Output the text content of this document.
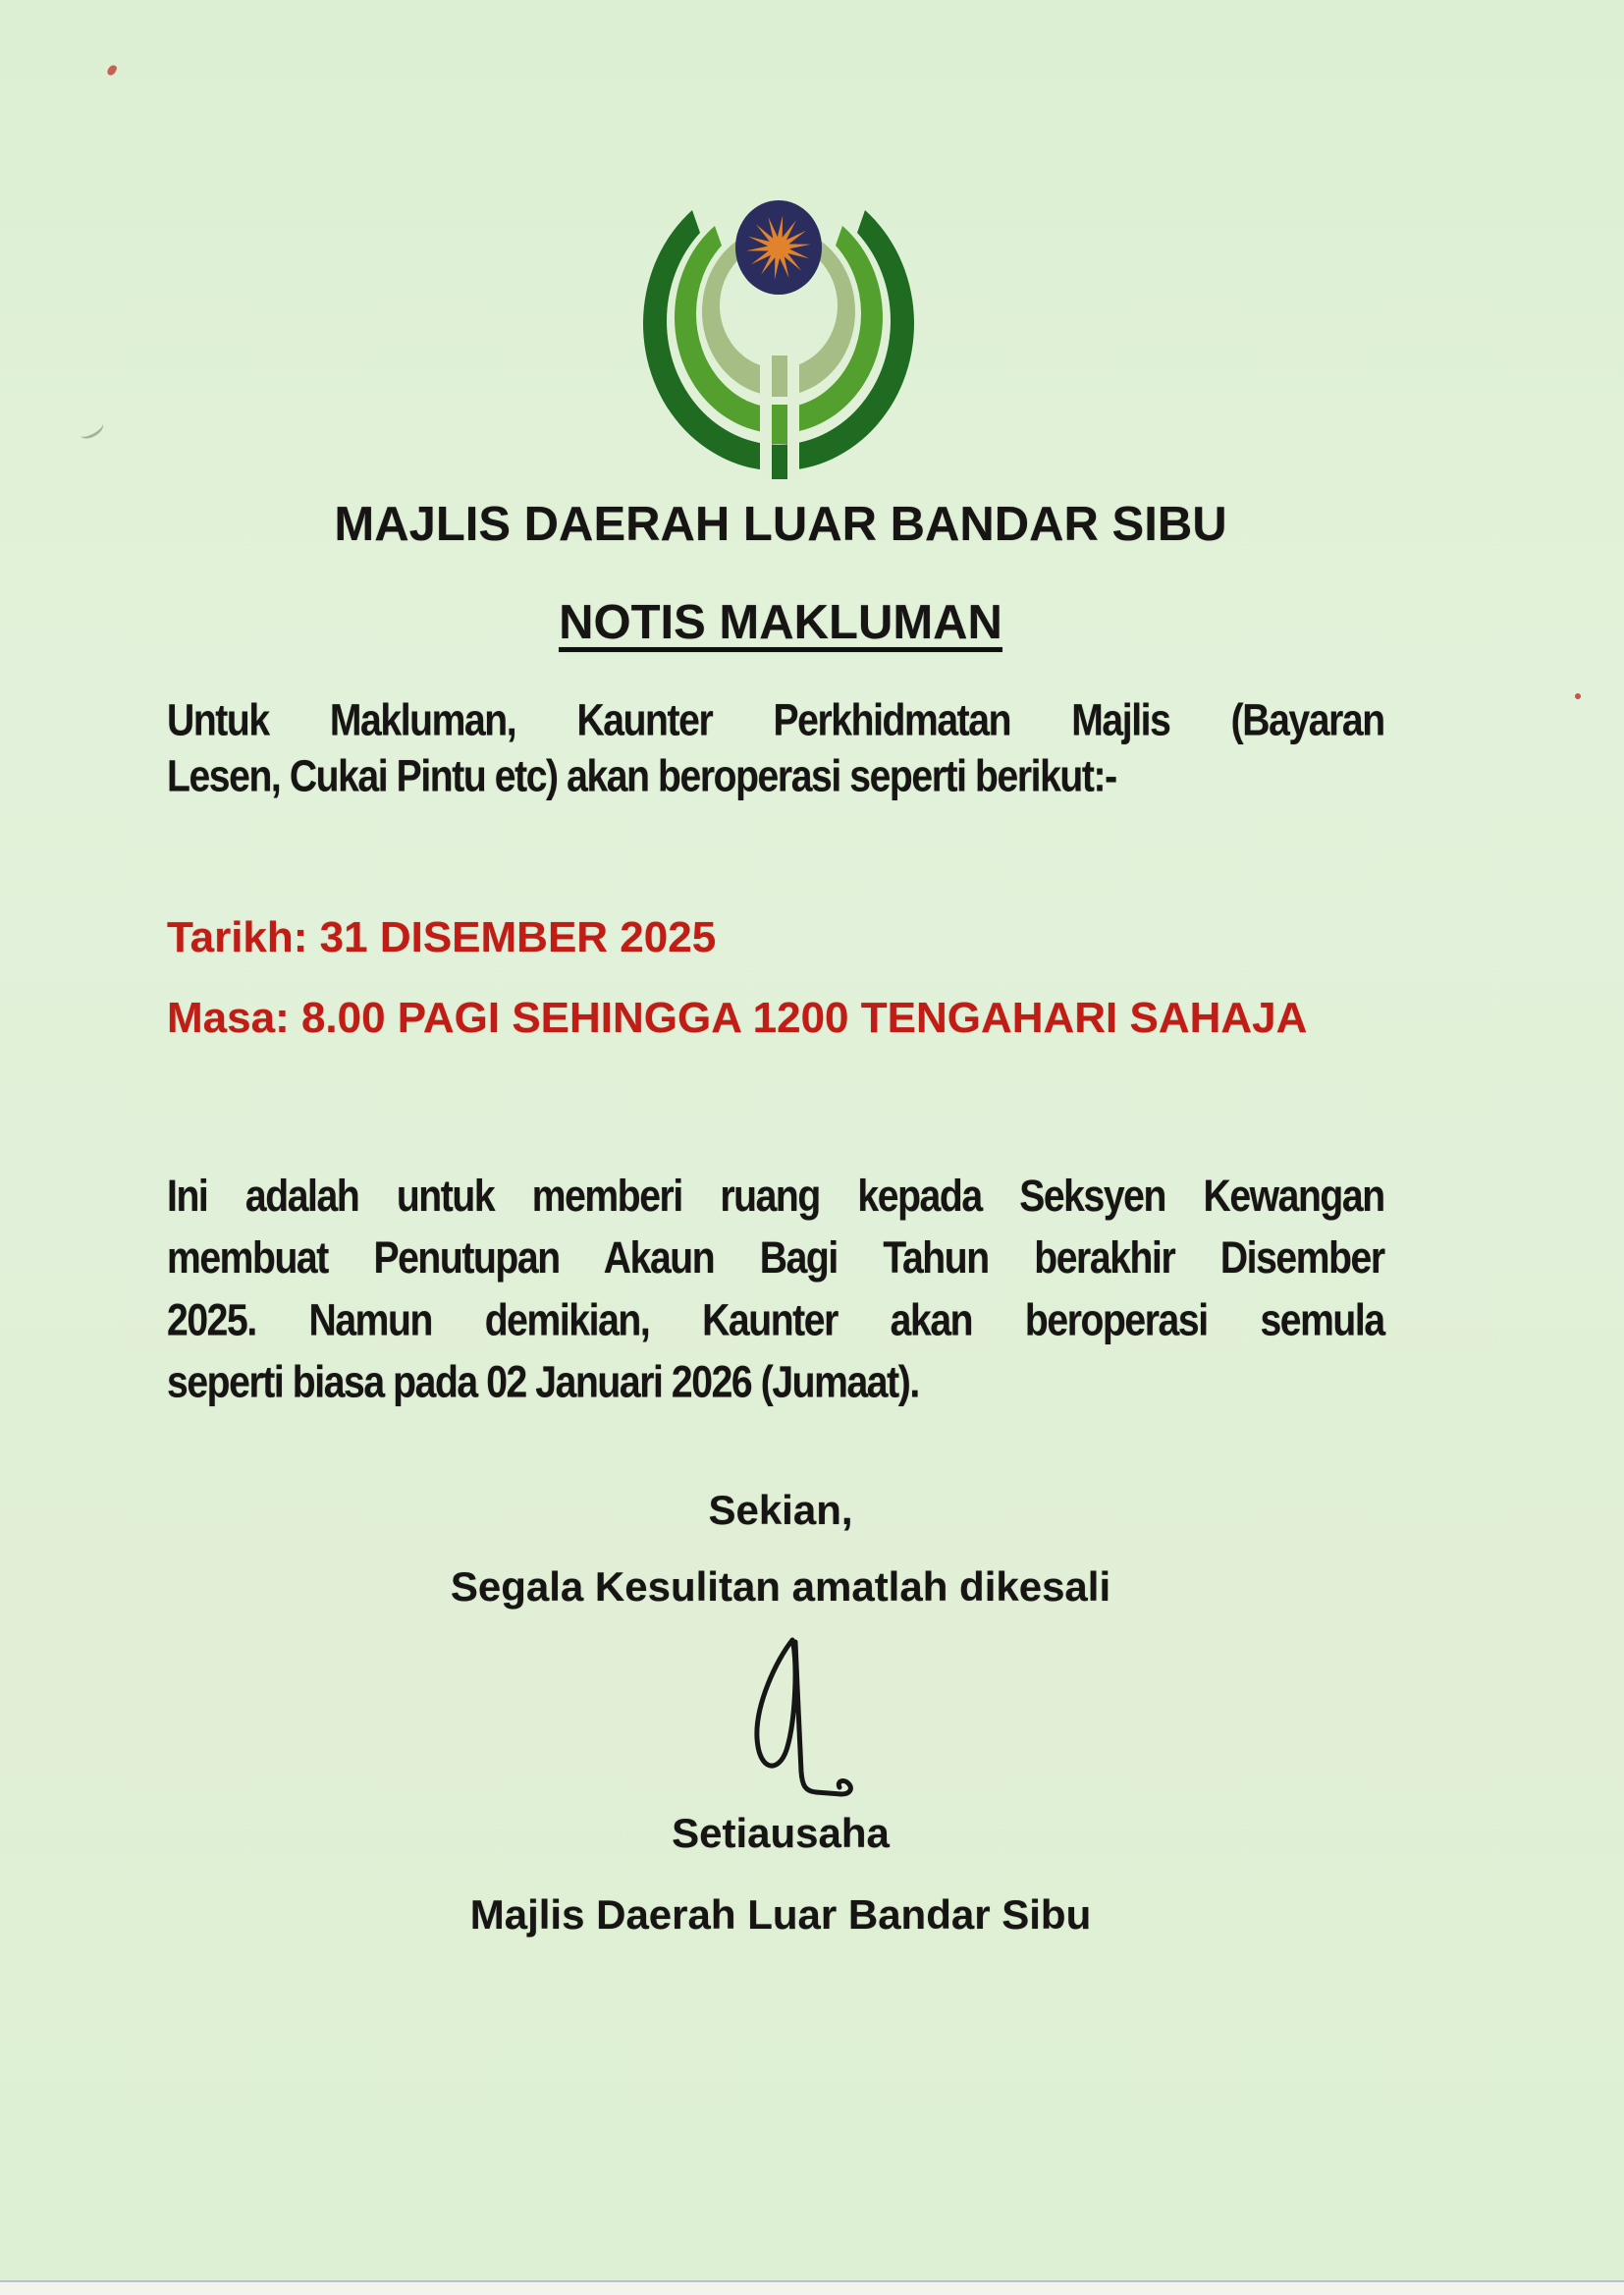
MAJLIS DAERAH LUAR BANDAR SIBU
NOTIS MAKLUMAN
Untuk Makluman, Kaunter Perkhidmatan Majlis (Bayaran
Lesen, Cukai Pintu etc) akan beroperasi seperti berikut:-
Tarikh: 31 DISEMBER 2025
Masa: 8.00 PAGI SEHINGGA 1200 TENGAHARI SAHAJA
Ini adalah untuk memberi ruang kepada Seksyen Kewangan
membuat Penutupan Akaun Bagi Tahun berakhir Disember
2025. Namun demikian, Kaunter akan beroperasi semula
seperti biasa pada 02 Januari 2026 (Jumaat).
Sekian,
Segala Kesulitan amatlah dikesali
Setiausaha
Majlis Daerah Luar Bandar Sibu
